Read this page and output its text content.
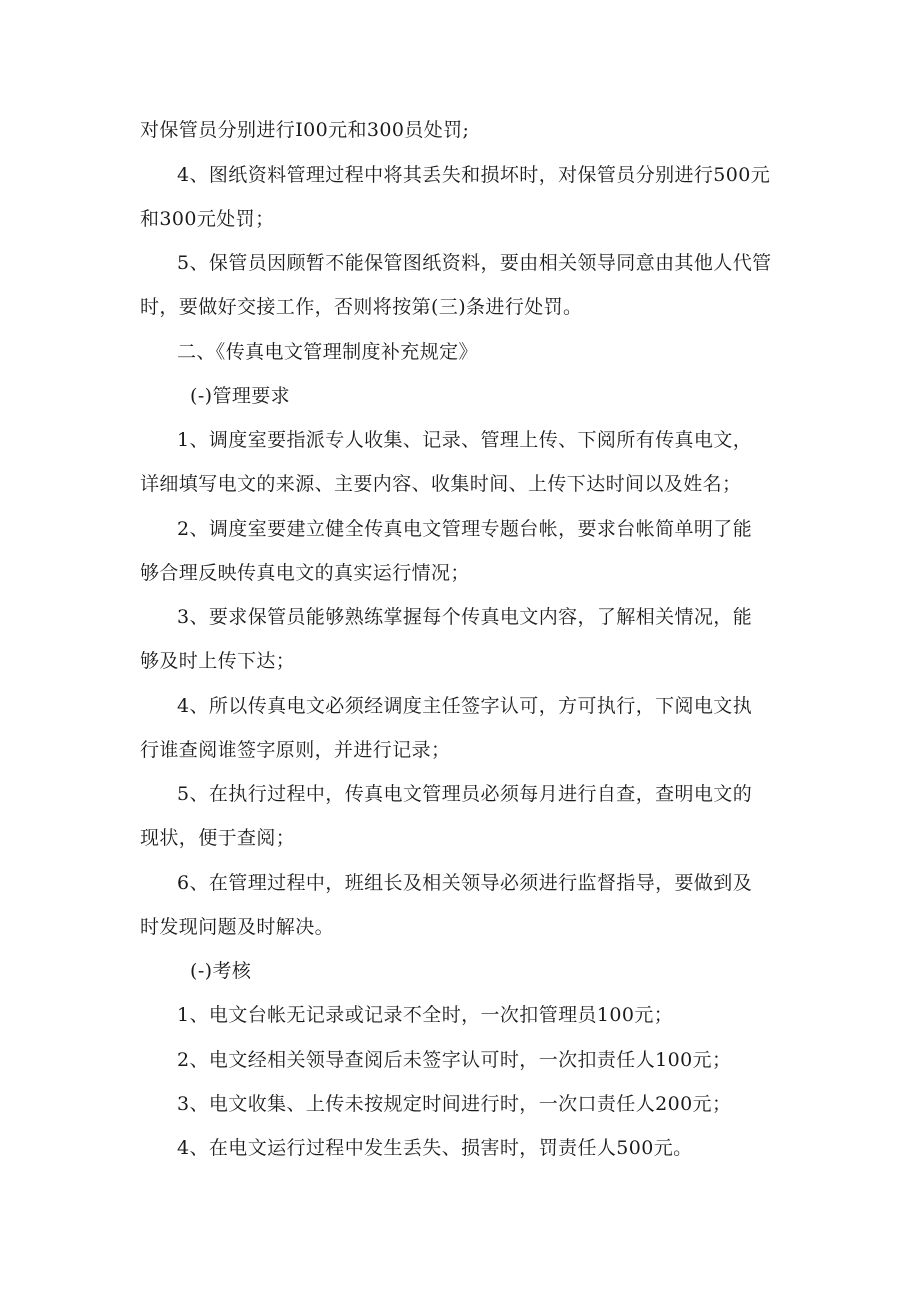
对保管员分别进行I00元和300员处罚;
4、图纸资料管理过程中将其丢失和损坏时，对保管员分别进行500元
和300元处罚；
5、保管员因顾暂不能保管图纸资料，要由相关领导同意由其他人代管
时，要做好交接工作，否则将按第(三)条进行处罚。
二、《传真电文管理制度补充规定》
(-)管理要求
1、调度室要指派专人收集、记录、管理上传、下阅所有传真电文，
详细填写电文的来源、主要内容、收集时间、上传下达时间以及姓名；
2、调度室要建立健全传真电文管理专题台帐，要求台帐简单明了能
够合理反映传真电文的真实运行情况；
3、要求保管员能够熟练掌握每个传真电文内容，了解相关情况，能
够及时上传下达；
4、所以传真电文必须经调度主任签字认可，方可执行，下阅电文执
行谁查阅谁签字原则，并进行记录；
5、在执行过程中，传真电文管理员必须每月进行自查，查明电文的
现状，便于查阅；
6、在管理过程中，班组长及相关领导必须进行监督指导，要做到及
时发现问题及时解决。
(-)考核
1、电文台帐无记录或记录不全时，一次扣管理员100元；
2、电文经相关领导查阅后未签字认可时，一次扣责任人100元；
3、电文收集、上传未按规定时间进行时，一次口责任人200元；
4、在电文运行过程中发生丢失、损害时，罚责任人500元。
